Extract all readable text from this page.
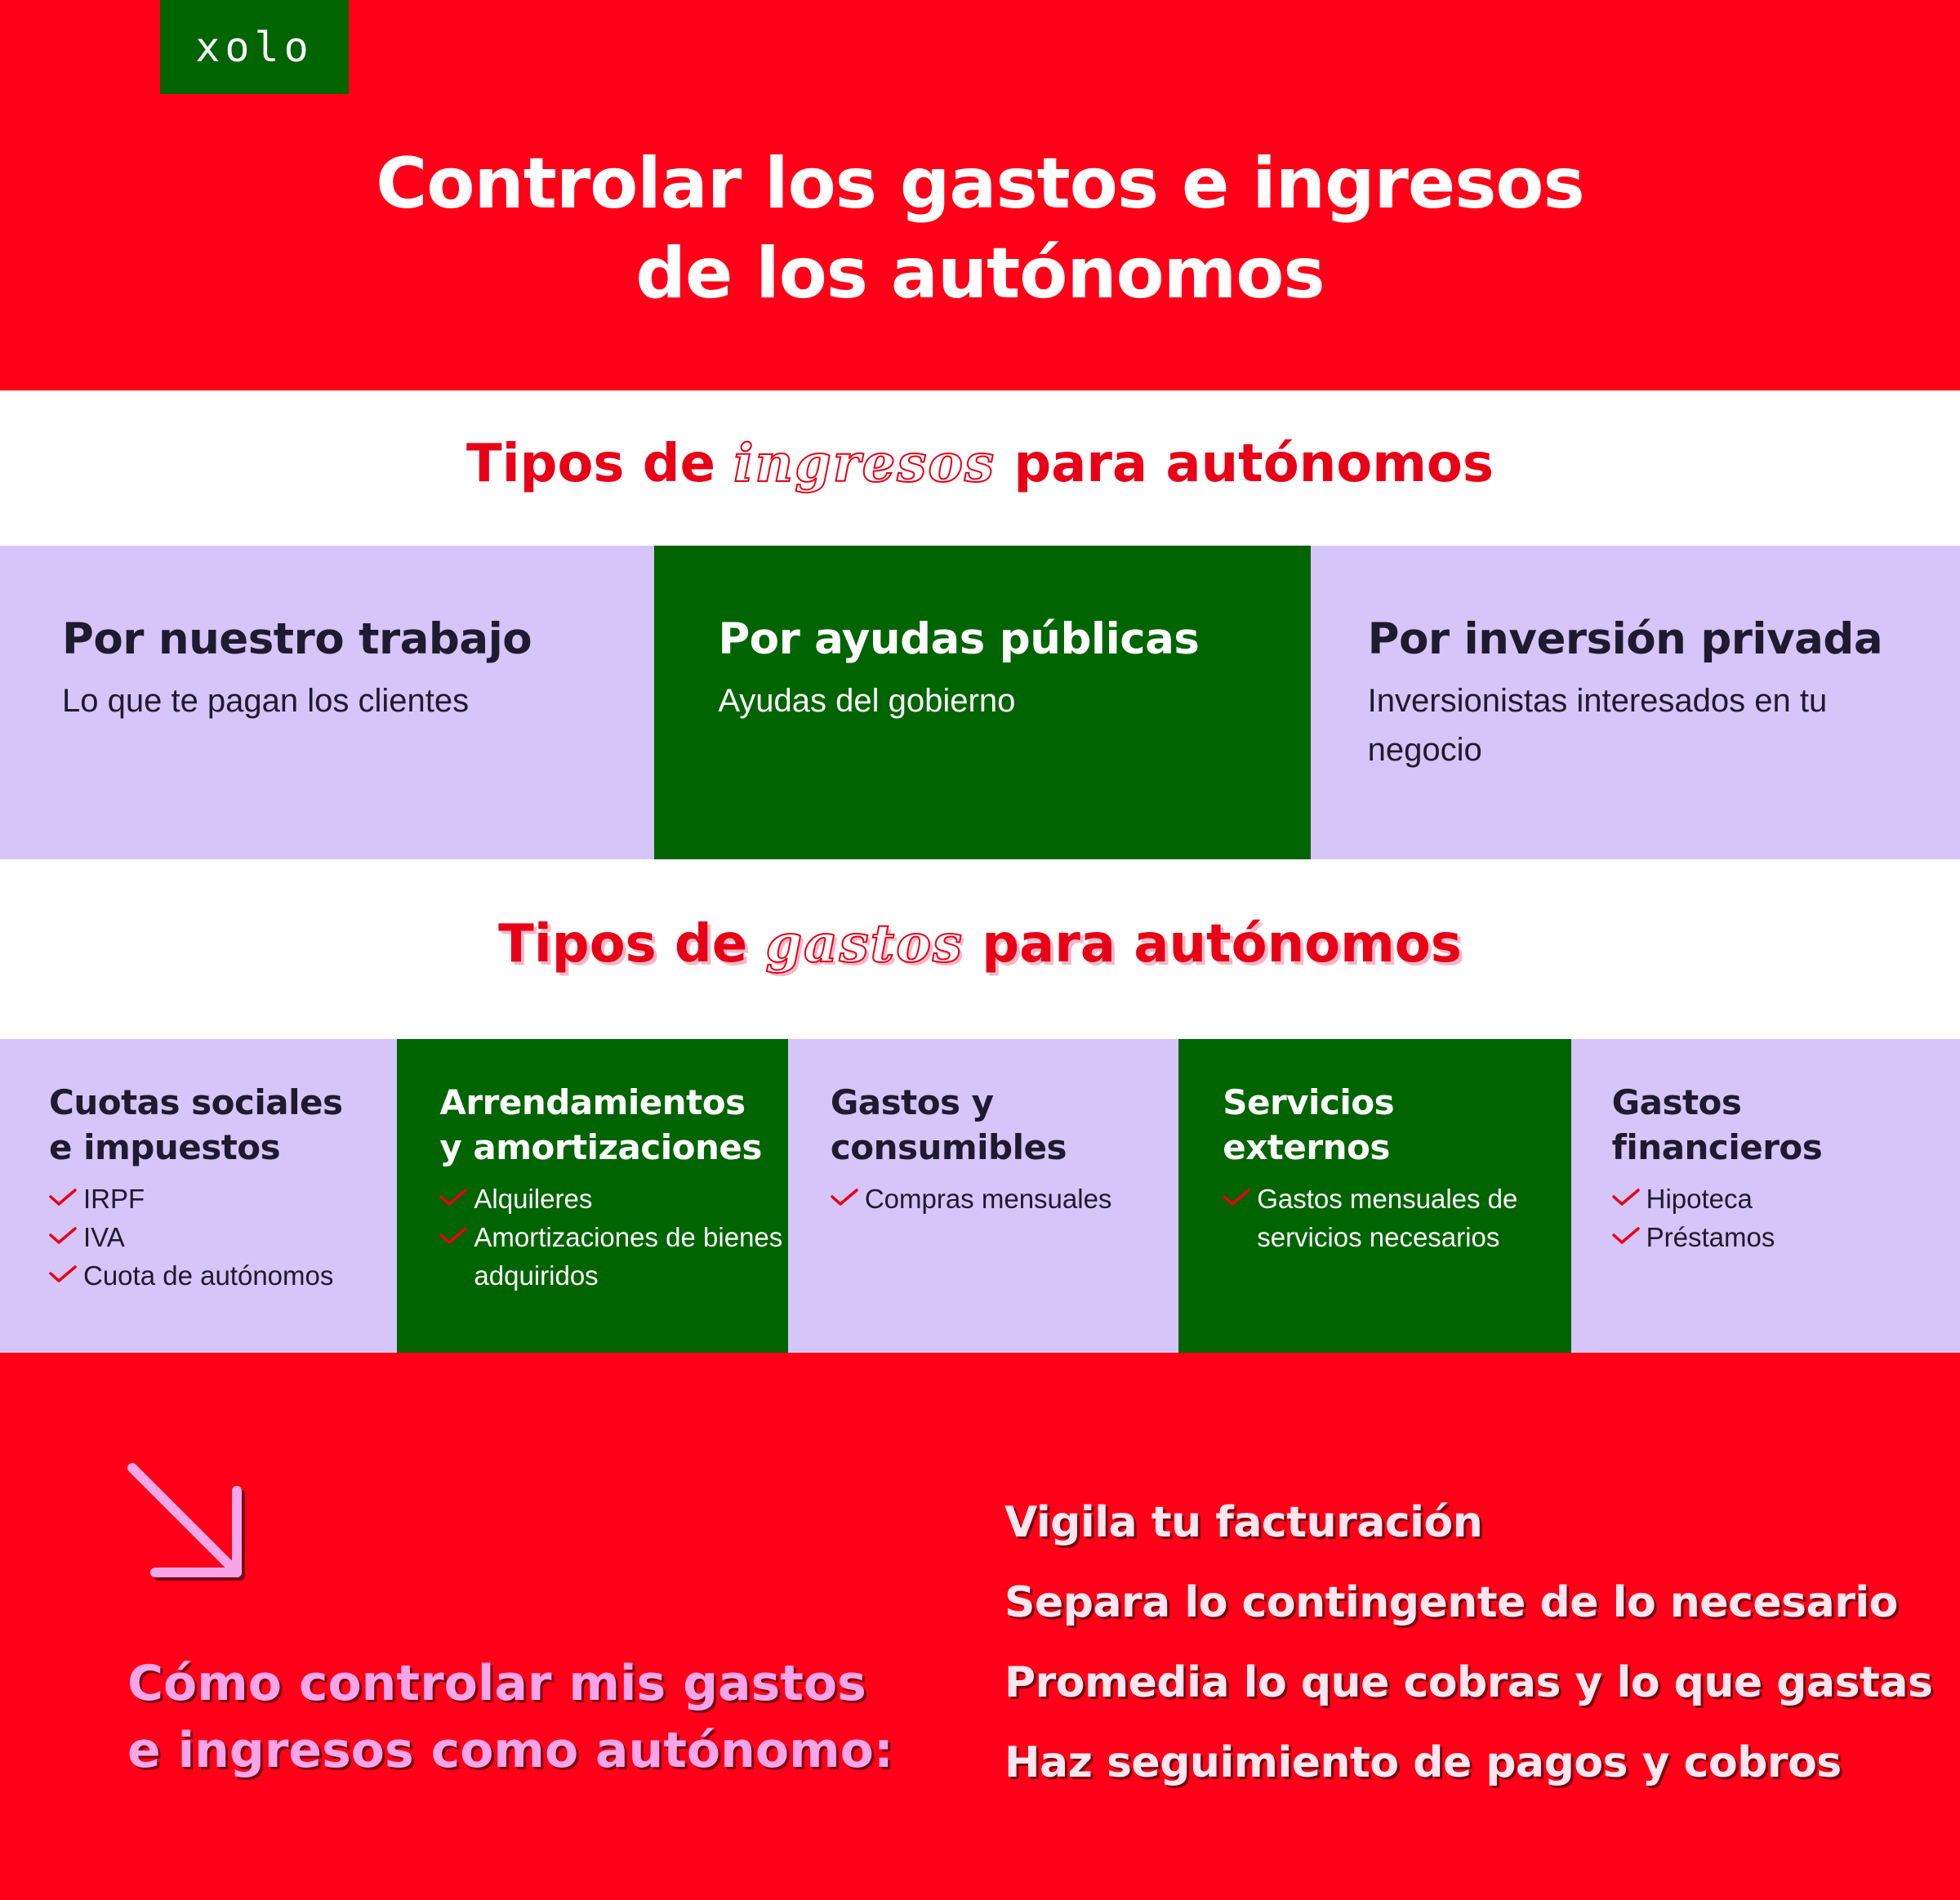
xolo
Controlar los gastos e ingresos
de los autónomos
Tipos de ingresos para autónomos
Por nuestro trabajo
Lo que te pagan los clientes
Por ayudas públicas
Ayudas del gobierno
Por inversión privada
Inversionistas interesados en tu negocio
Tipos de gastos para autónomos
Cuotas sociales
e impuestos
IRPF
IVA
Cuota de autónomos
Arrendamientos
y amortizaciones
Alquileres
Amortizaciones de bienes adquiridos
Gastos y
consumibles
Compras mensuales
Servicios
externos
Gastos mensuales de servicios necesarios
Gastos
financieros
Hipoteca
Préstamos
Cómo controlar mis gastos
e ingresos como autónomo:
Vigila tu facturación
Separa lo contingente de lo necesario
Promedia lo que cobras y lo que gastas
Haz seguimiento de pagos y cobros
